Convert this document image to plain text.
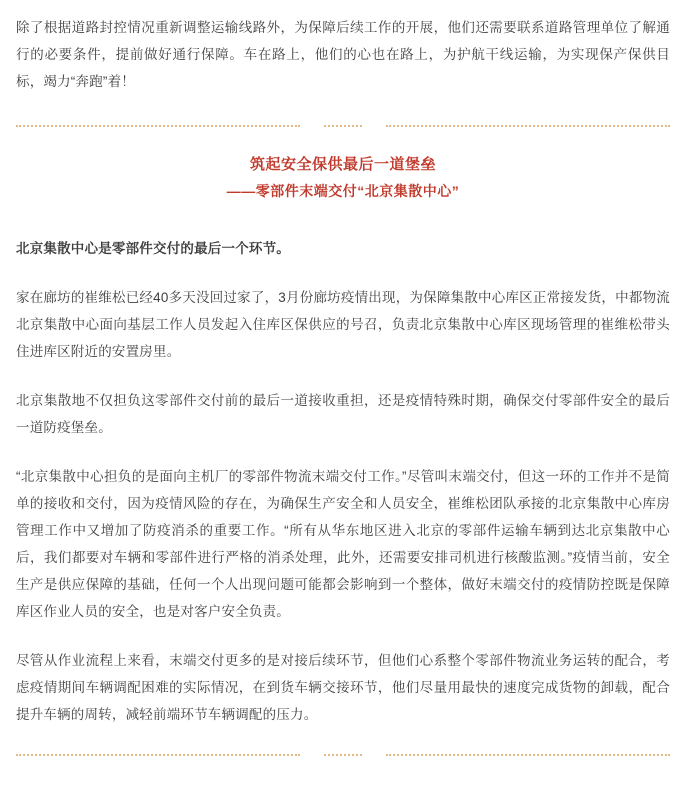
除了根据道路封控情况重新调整运输线路外，为保障后续工作的开展，他们还需要联系道路管理单位了解通行的必要条件，提前做好通行保障。车在路上，他们的心也在路上，为护航干线运输，为实现保产保供目标，竭力“奔跑”着！

筑起安全保供最后一道堡垒
——零部件末端交付“北京集散中心”

北京集散中心是零部件交付的最后一个环节。

家在廊坊的崔维松已经40多天没回过家了，3月份廊坊疫情出现，为保障集散中心库区正常接发货，中都物流北京集散中心面向基层工作人员发起入住库区保供应的号召，负责北京集散中心库区现场管理的崔维松带头住进库区附近的安置房里。

北京集散地不仅担负这零部件交付前的最后一道接收重担，还是疫情特殊时期，确保交付零部件安全的最后一道防疫堡垒。

“北京集散中心担负的是面向主机厂的零部件物流末端交付工作。”尽管叫末端交付，但这一环的工作并不是简单的接收和交付，因为疫情风险的存在，为确保生产安全和人员安全，崔维松团队承接的北京集散中心库房管理工作中又增加了防疫消杀的重要工作。“所有从华东地区进入北京的零部件运输车辆到达北京集散中心后，我们都要对车辆和零部件进行严格的消杀处理，此外，还需要安排司机进行核酸监测。”疫情当前，安全生产是供应保障的基础，任何一个人出现问题可能都会影响到一个整体，做好末端交付的疫情防控既是保障库区作业人员的安全，也是对客户安全负责。

尽管从作业流程上来看，末端交付更多的是对接后续环节，但他们心系整个零部件物流业务运转的配合，考虑疫情期间车辆调配困难的实际情况，在到货车辆交接环节，他们尽量用最快的速度完成货物的卸载，配合提升车辆的周转，减轻前端环节车辆调配的压力。
